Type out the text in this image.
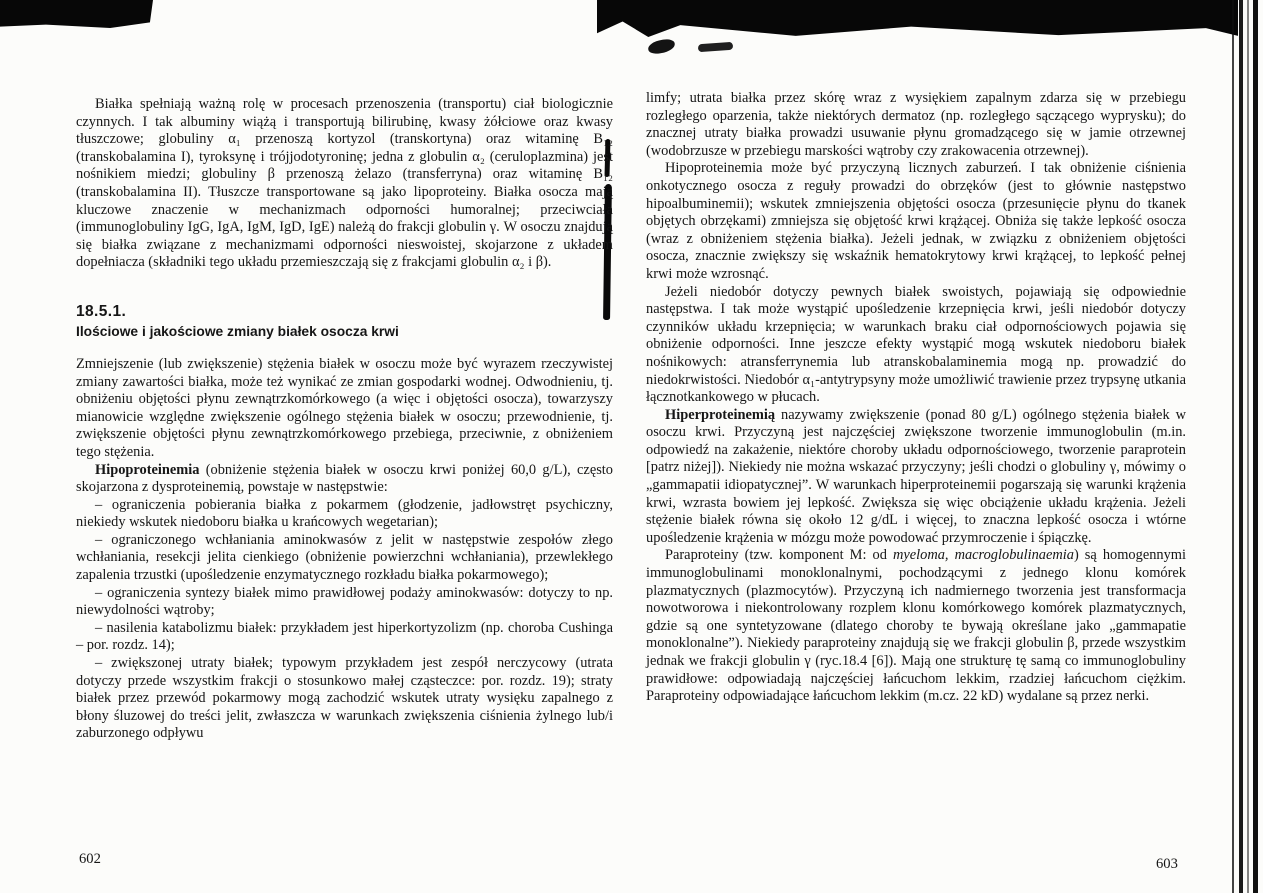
Białka spełniają ważną rolę w procesach przenoszenia (transportu) ciał biologicznie czynnych. I tak albuminy wiążą i transportują bilirubinę, kwasy żółciowe oraz kwasy tłuszczowe; globuliny α₁ przenoszą kortyzol (transkortyna) oraz witaminę B₁₂ (transkobalamina I), tyroksynę i trójjodotyroninę; jedna z globulin α₂ (ceruloplazmina) jest nośnikiem miedzi; globuliny β przenoszą żelazo (transferryna) oraz witaminę B₁₂ (transkobalamina II). Tłuszcze transportowane są jako lipoproteiny. Białka osocza mają kluczowe znaczenie w mechanizmach odporności humoralnej; przeciwciała (immunoglobuliny IgG, IgA, IgM, IgD, IgE) należą do frakcji globulin γ. W osoczu znajdują się białka związane z mechanizmami odporności nieswoistej, skojarzone z układem dopełniacza (składniki tego układu przemieszczają się z frakcjami globulin α₂ i β).

18.5.1.
Ilościowe i jakościowe zmiany białek osocza krwi

Zmniejszenie (lub zwiększenie) stężenia białek w osoczu może być wyrazem rzeczywistej zmiany zawartości białka, może też wynikać ze zmian gospodarki wodnej. Odwodnieniu, tj. obniżeniu objętości płynu zewnątrzkomórkowego (a więc i objętości osocza), towarzyszy mianowicie względne zwiększenie ogólnego stężenia białek w osoczu; przewodnienie, tj. zwiększenie objętości płynu zewnątrzkomórkowego przebiega, przeciwnie, z obniżeniem tego stężenia.

Hipoproteinemia (obniżenie stężenia białek w osoczu krwi poniżej 60,0 g/L), często skojarzona z dysproteinemią, powstaje w następstwie:

– ograniczenia pobierania białka z pokarmem (głodzenie, jadłowstręt psychiczny, niekiedy wskutek niedoboru białka u krańcowych wegetarian);

– ograniczonego wchłaniania aminokwasów z jelit w następstwie zespołów złego wchłaniania, resekcji jelita cienkiego (obniżenie powierzchni wchłaniania), przewlekłego zapalenia trzustki (upośledzenie enzymatycznego rozkładu białka pokarmowego);

– ograniczenia syntezy białek mimo prawidłowej podaży aminokwasów: dotyczy to np. niewydolności wątroby;

– nasilenia katabolizmu białek: przykładem jest hiperkortyzolizm (np. choroba Cushinga – por. rozdz. 14);

– zwiększonej utraty białek; typowym przykładem jest zespół nerczycowy (utrata dotyczy przede wszystkim frakcji o stosunkowo małej cząsteczce: por. rozdz. 19); straty białek przez przewód pokarmowy mogą zachodzić wskutek utraty wysięku zapalnego z błony śluzowej do treści jelit, zwłaszcza w warunkach zwiększenia ciśnienia żylnego lub/i zaburzonego odpływu

limfy; utrata białka przez skórę wraz z wysiękiem zapalnym zdarza się w przebiegu rozległego oparzenia, także niektórych dermatoz (np. rozległego sączącego wyprysku); do znacznej utraty białka prowadzi usuwanie płynu gromadzącego się w jamie otrzewnej (wodobrzusze w przebiegu marskości wątroby czy zrakowacenia otrzewnej).

Hipoproteinemia może być przyczyną licznych zaburzeń. I tak obniżenie ciśnienia onkotycznego osocza z reguły prowadzi do obrzęków (jest to głównie następstwo hipoalbuminemii); wskutek zmniejszenia objętości osocza (przesunięcie płynu do tkanek objętych obrzękami) zmniejsza się objętość krwi krążącej. Obniża się także lepkość osocza (wraz z obniżeniem stężenia białka). Jeżeli jednak, w związku z obniżeniem objętości osocza, znacznie zwiększy się wskaźnik hematokrytowy krwi krążącej, to lepkość pełnej krwi może wzrosnąć.

Jeżeli niedobór dotyczy pewnych białek swoistych, pojawiają się odpowiednie następstwa. I tak może wystąpić upośledzenie krzepnięcia krwi, jeśli niedobór dotyczy czynników układu krzepnięcia; w warunkach braku ciał odpornościowych pojawia się obniżenie odporności. Inne jeszcze efekty wystąpić mogą wskutek niedoboru białek nośnikowych: atransferrynemia lub atranskobalaminemia mogą np. prowadzić do niedokrwistości. Niedobór α₁-antytrypsyny może umożliwić trawienie przez trypsynę utkania łącznotkankowego w płucach.

Hiperproteinemią nazywamy zwiększenie (ponad 80 g/L) ogólnego stężenia białek w osoczu krwi. Przyczyną jest najczęściej zwiększone tworzenie immunoglobulin (m.in. odpowiedź na zakażenie, niektóre choroby układu odpornościowego, tworzenie paraprotein [patrz niżej]). Niekiedy nie można wskazać przyczyny; jeśli chodzi o globuliny γ, mówimy o „gammapatii idiopatycznej”. W warunkach hiperproteinemii pogarszają się warunki krążenia krwi, wzrasta bowiem jej lepkość. Zwiększa się więc obciążenie układu krążenia. Jeżeli stężenie białek równa się około 12 g/dL i więcej, to znaczna lepkość osocza i wtórne upośledzenie krążenia w mózgu może powodować przymroczenie i śpiączkę.

Paraproteiny (tzw. komponent M: od myeloma, macroglobulinaemia) są homogennymi immunoglobulinami monoklonalnymi, pochodzącymi z jednego klonu komórek plazmatycznych (plazmocytów). Przyczyną ich nadmiernego tworzenia jest transformacja nowotworowa i niekontrolowany rozplem klonu komórkowego komórek plazmatycznych, gdzie są one syntetyzowane (dlatego choroby te bywają określane jako „gammapatie monoklonalne”). Niekiedy paraproteiny znajdują się we frakcji globulin β, przede wszystkim jednak we frakcji globulin γ (ryc.18.4 [6]). Mają one strukturę tę samą co immunoglobuliny prawidłowe: odpowiadają najczęściej łańcuchom lekkim, rzadziej łańcuchom ciężkim. Paraproteiny odpowiadające łańcuchom lekkim (m.cz. 22 kD) wydalane są przez nerki.

602	603
